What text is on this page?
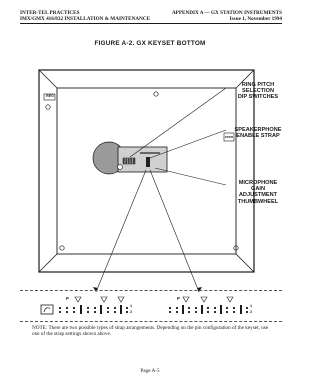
INTER-TEL PRACTICES
IMX/GMX 416/832 INSTALLATION & MAINTENANCE
APPENDIX A — GX STATION INSTRUMENTS
Issue 1, November 1994
FIGURE A-2. GX KEYSET BOTTOM
REG
SPKR
RING PITCH
SELECTION
DIP SWITCHES
SPEAKERPHONE
ENABLE STRAP
MICROPHONE
GAIN
ADJUSTMENT
THUMBWHEEL
P
1
2
P
1
2
NOTE: There are two possible types of strap arrangements. Depending on the pin configuration of the keyset, use one of the strap settings shown above.
Page A-5
